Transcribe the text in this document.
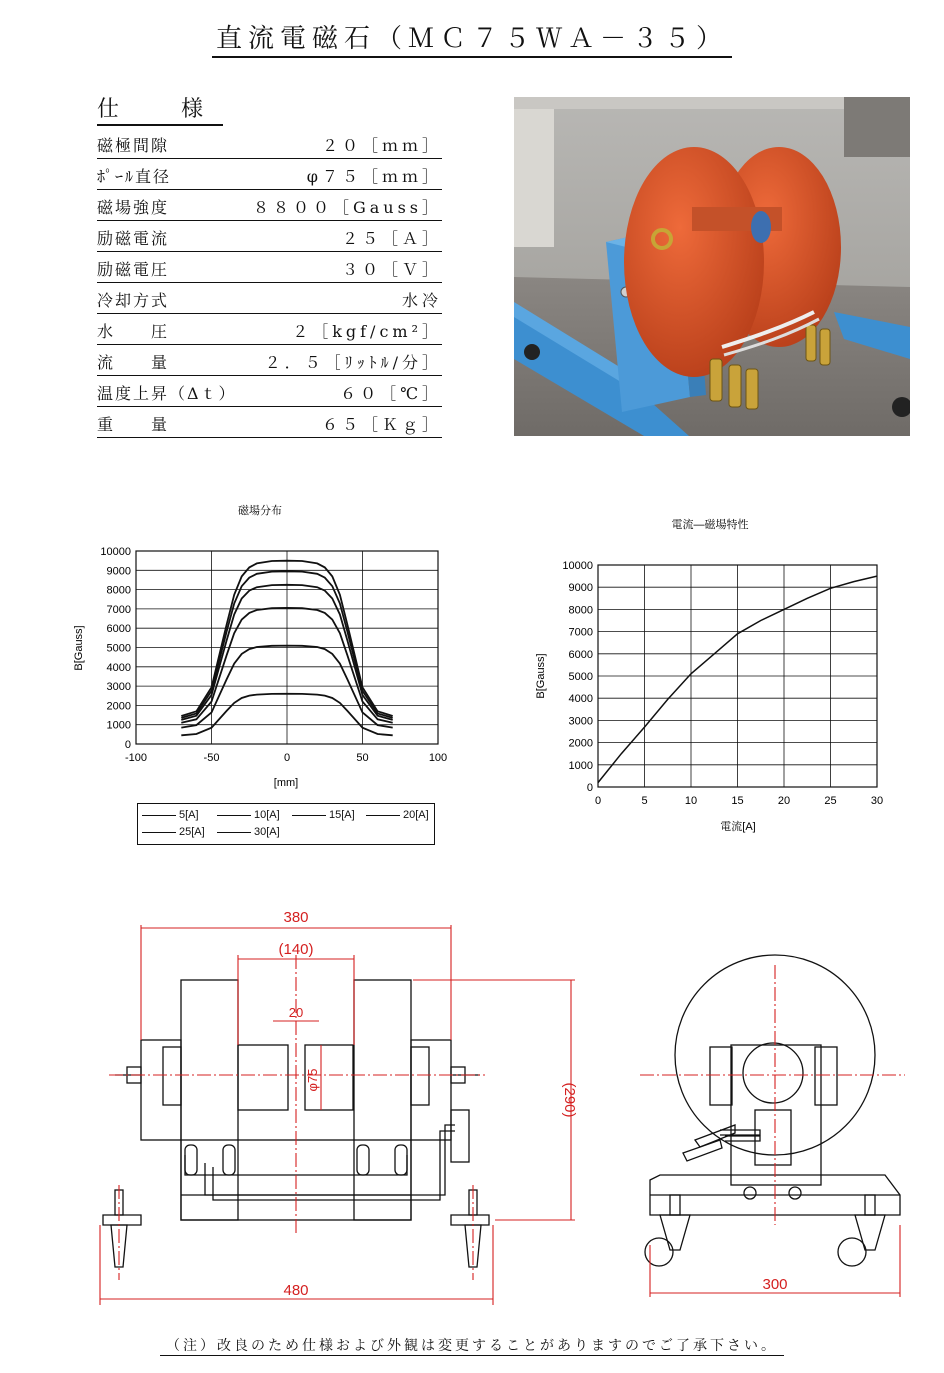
直流電磁石（ＭＣ７５ＷＡ－３５）
仕　様
磁極間隙	２０［ｍｍ］
ﾎﾟｰﾙ直径	φ７５［ｍｍ］
磁場強度	８８００［Gauss］
励磁電流	２５［Ａ］
励磁電圧	３０［Ｖ］
冷却方式	水冷
水　　圧	２［kgf/cm²］
流　　量	２．５［ﾘｯﾄﾙ/分］
温度上昇（Δｔ）	６０［℃］
重　　量	６５［Ｋｇ］
磁場分布
B[Gauss]
[mm]
0
1000
2000
3000
4000
5000
6000
7000
8000
9000
10000
-100	-50	0	50	100
電流―磁場特性
B[Gauss]
電流[A]
0
1000
2000
3000
4000
5000
6000
7000
8000
9000
10000
0	5	10	15	20	25	30
5[A]	10[A]	15[A]	20[A]
25[A]	30[A]
380
(140)
20
φ75
(290)
480	300
（注）改良のため仕様および外観は変更することがありますのでご了承下さい。
